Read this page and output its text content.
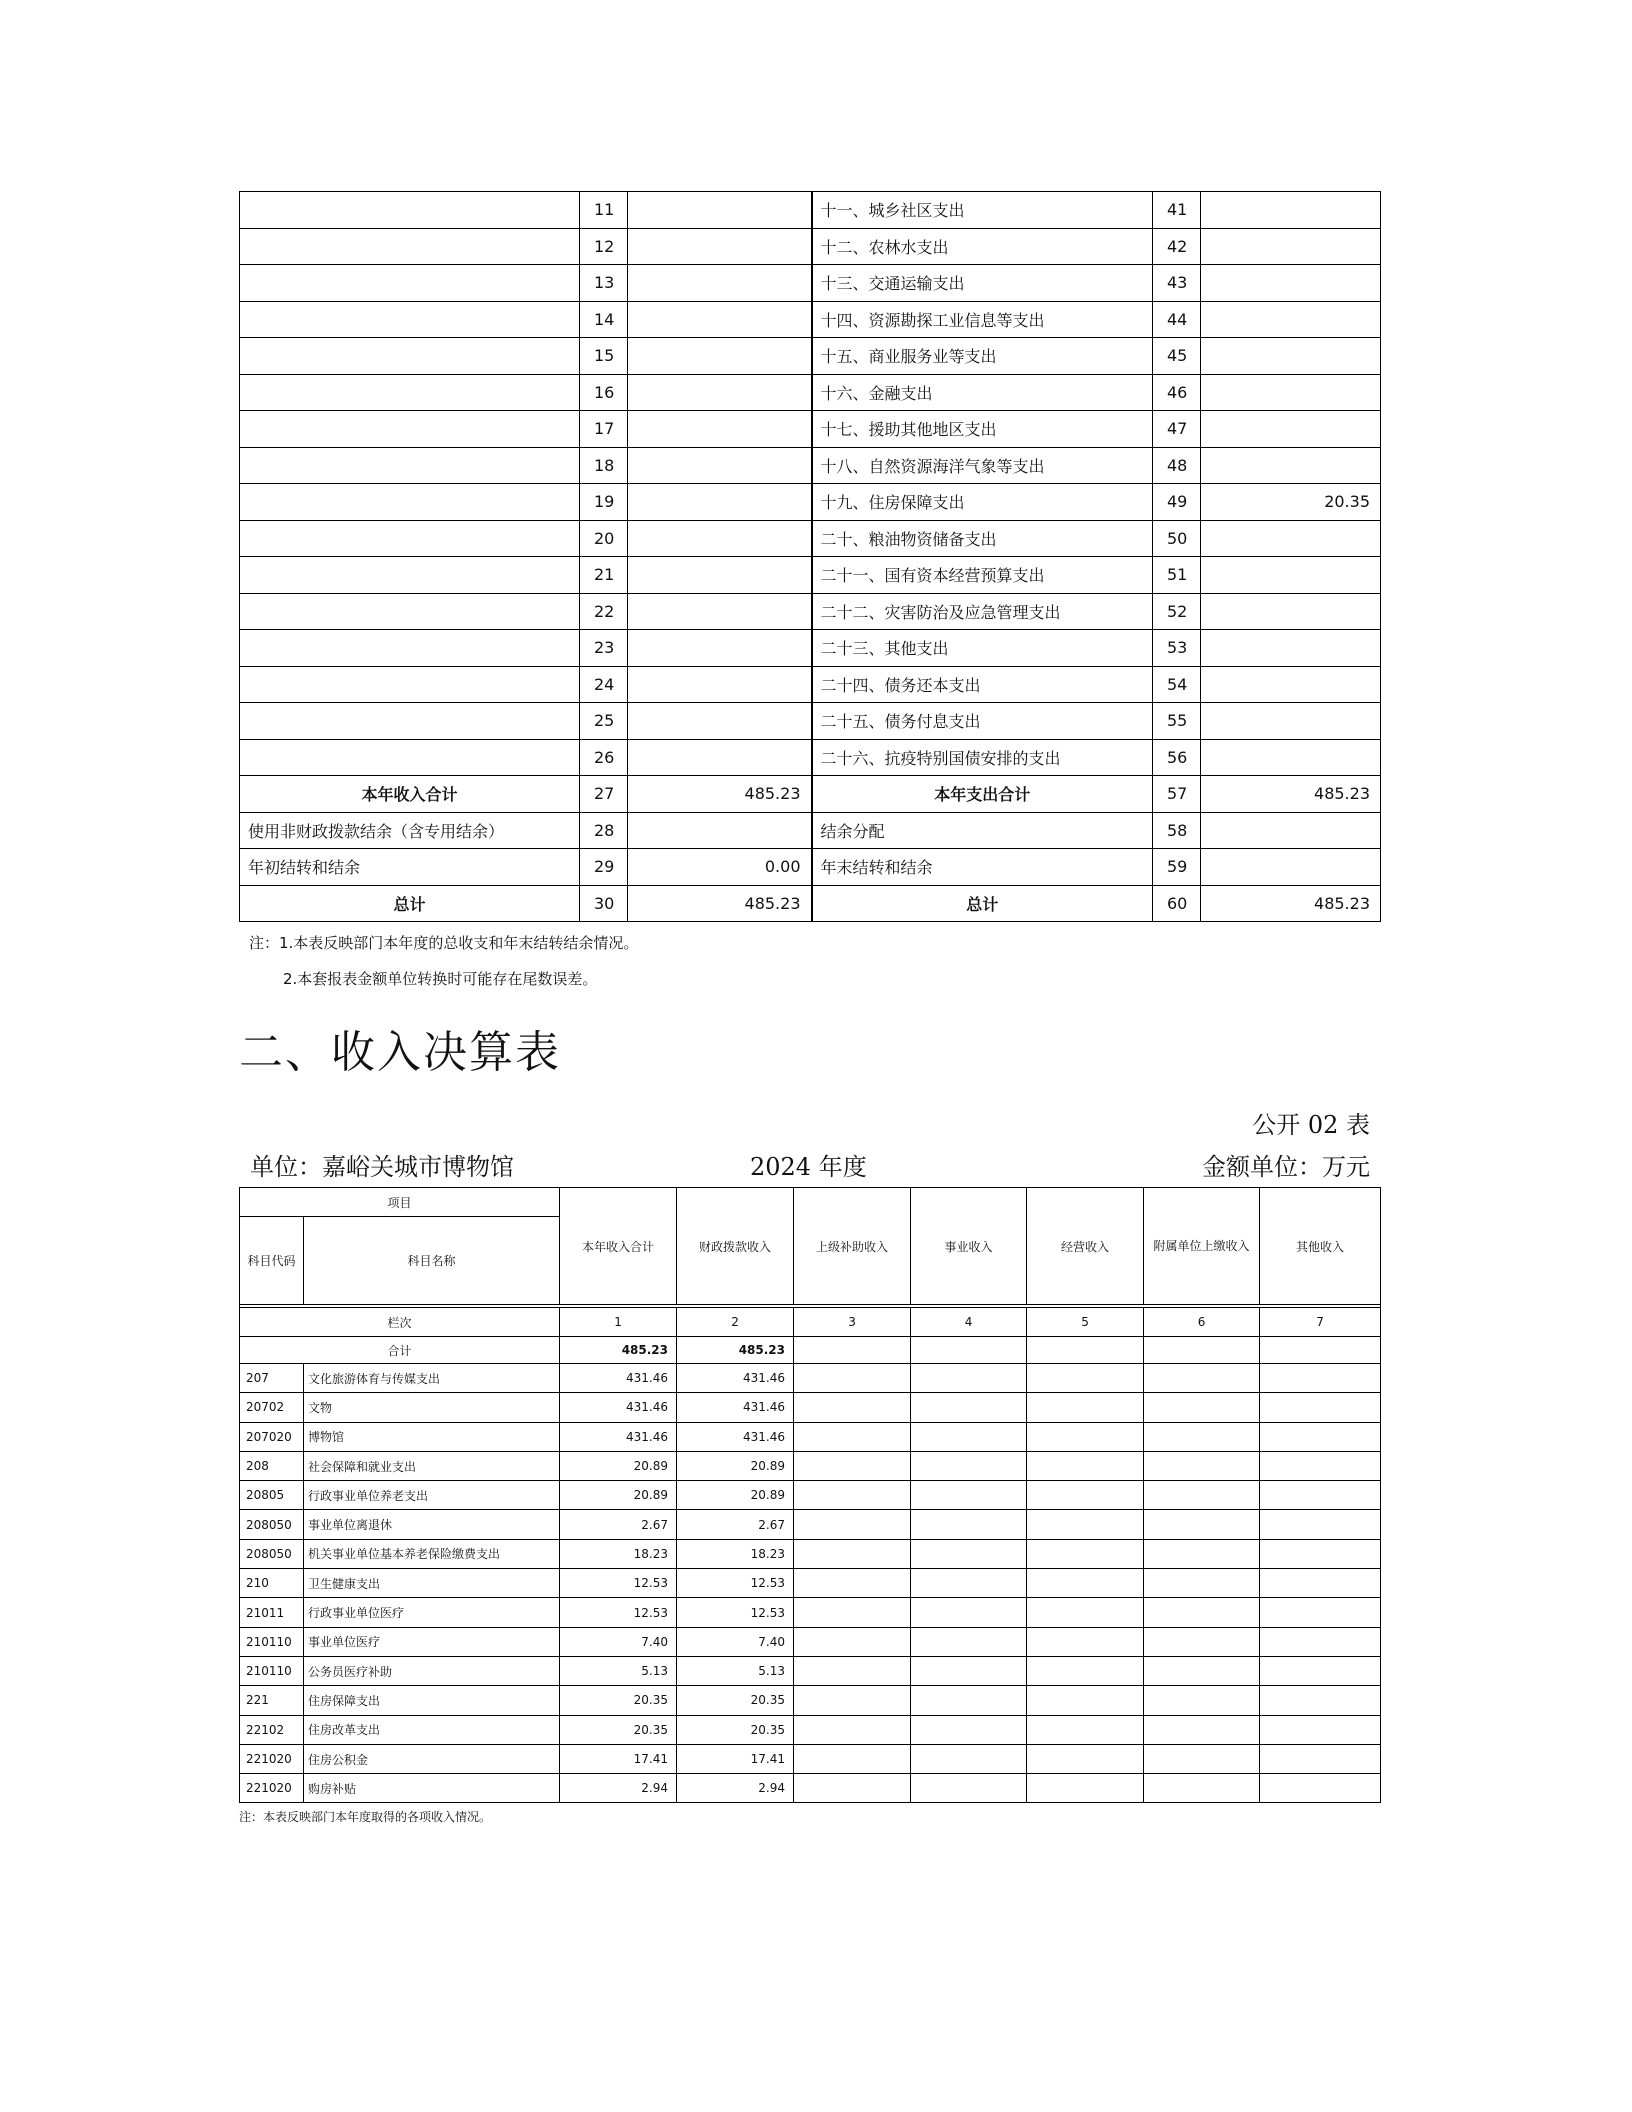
	11		十一、城乡社区支出	41	
	12		十二、农林水支出	42	
	13		十三、交通运输支出	43	
	14		十四、资源勘探工业信息等支出	44	
	15		十五、商业服务业等支出	45	
	16		十六、金融支出	46	
	17		十七、援助其他地区支出	47	
	18		十八、自然资源海洋气象等支出	48	
	19		十九、住房保障支出	49	20.35
	20		二十、粮油物资储备支出	50	
	21		二十一、国有资本经营预算支出	51	
	22		二十二、灾害防治及应急管理支出	52	
	23		二十三、其他支出	53	
	24		二十四、债务还本支出	54	
	25		二十五、债务付息支出	55	
	26		二十六、抗疫特别国债安排的支出	56	
本年收入合计	27	485.23	本年支出合计	57	485.23
使用非财政拨款结余（含专用结余）	28		结余分配	58	
年初结转和结余	29	0.00	年末结转和结余	59	
总计	30	485.23	总计	60	485.23
注：1.本表反映部门本年度的总收支和年末结转结余情况。
2.本套报表金额单位转换时可能存在尾数误差。
二、收入决算表
公开 02 表
单位：嘉峪关城市博物馆	2024 年度	金额单位：万元
项目		本年收入合计	财政拨款收入	上级补助收入	事业收入	经营收入	附属单位上缴收入	其他收入
科目代码	科目名称							

栏次		1	2	3	4	5	6	7
合计		485.23	485.23					
207	文化旅游体育与传媒支出	431.46	431.46					
20702	文物	431.46	431.46					
207020	博物馆	431.46	431.46					
208	社会保障和就业支出	20.89	20.89					
20805	行政事业单位养老支出	20.89	20.89					
208050	事业单位离退休	2.67	2.67					
208050	机关事业单位基本养老保险缴费支出	18.23	18.23					
210	卫生健康支出	12.53	12.53					
21011	行政事业单位医疗	12.53	12.53					
210110	事业单位医疗	7.40	7.40					
210110	公务员医疗补助	5.13	5.13					
221	住房保障支出	20.35	20.35					
22102	住房改革支出	20.35	20.35					
221020	住房公积金	17.41	17.41					
221020	购房补贴	2.94	2.94					
注：本表反映部门本年度取得的各项收入情况。
